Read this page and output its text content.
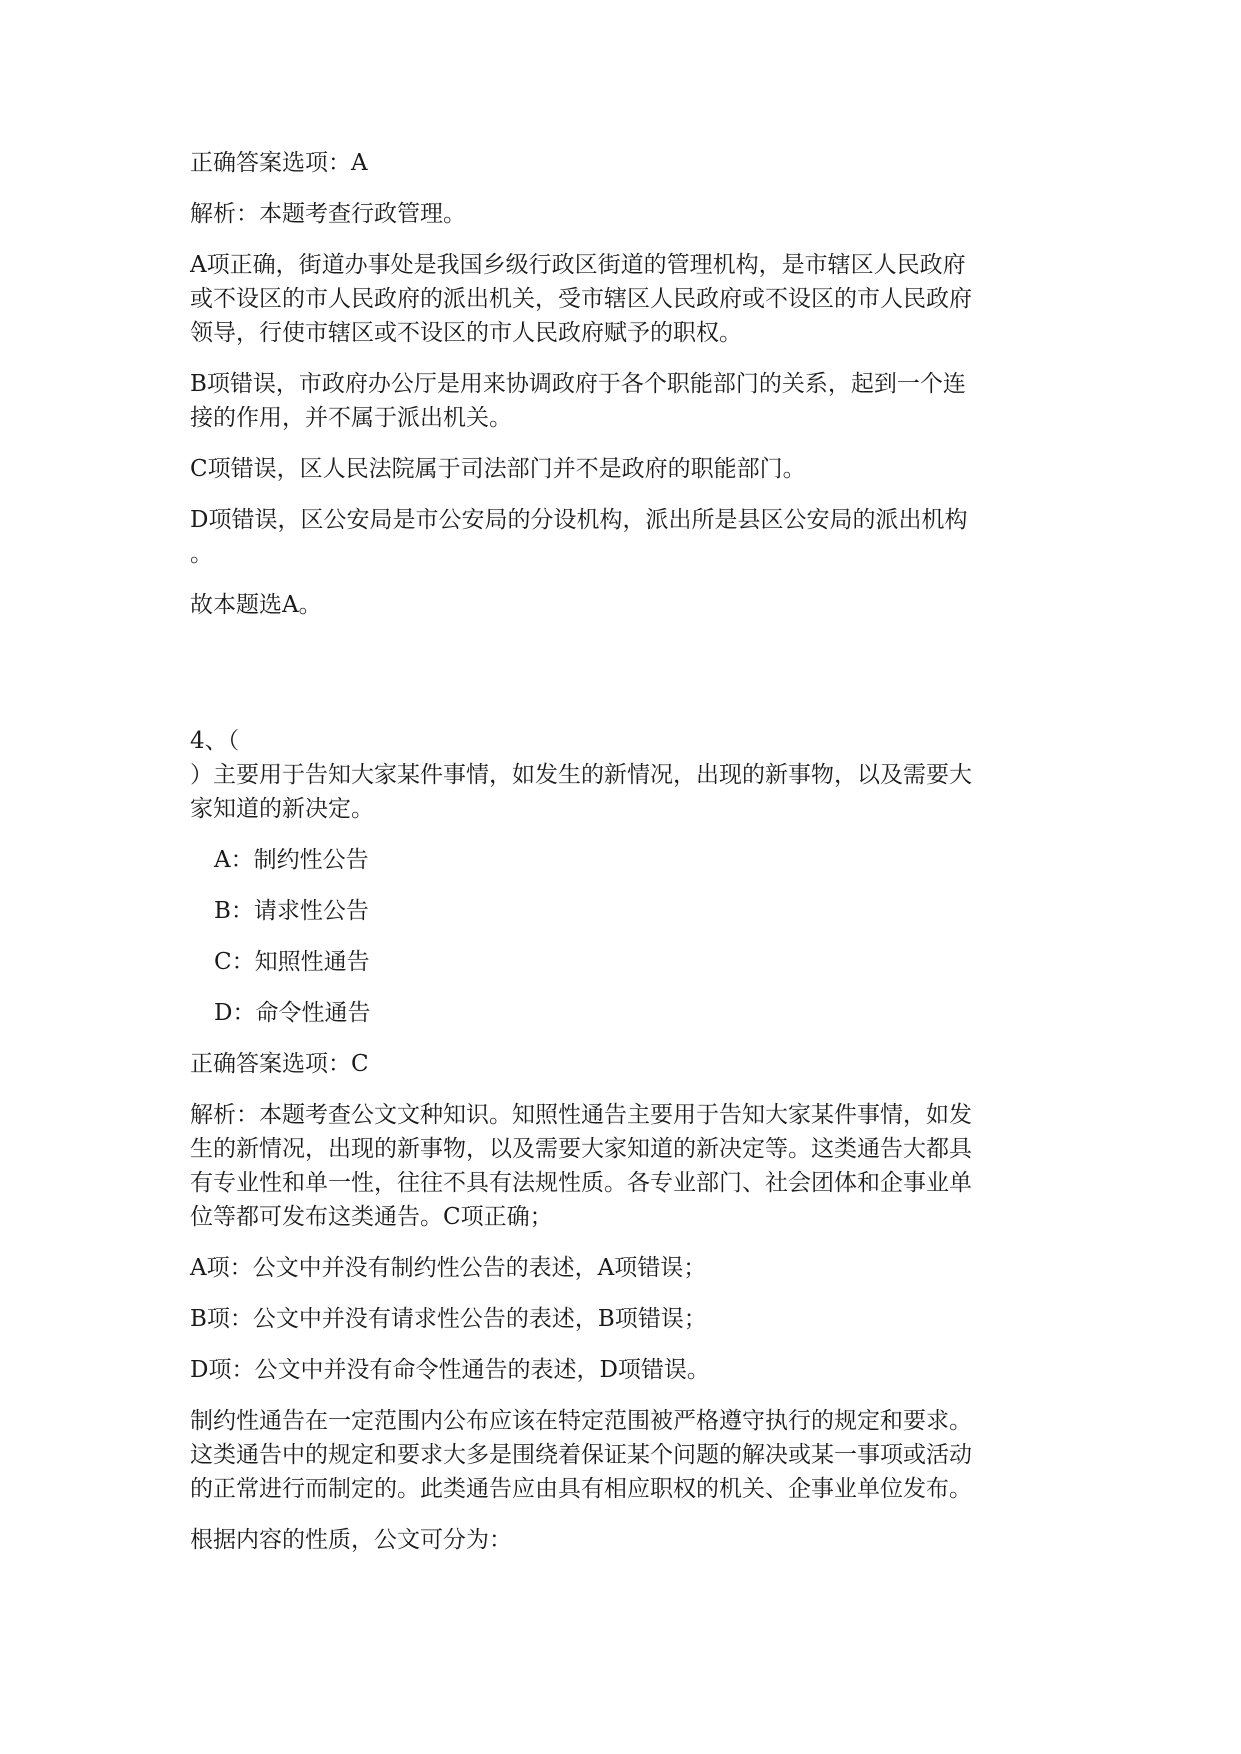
正确答案选项：A

解析：本题考查行政管理。

A项正确，街道办事处是我国乡级行政区街道的管理机构，是市辖区人民政府
或不设区的市人民政府的派出机关，受市辖区人民政府或不设区的市人民政府
领导，行使市辖区或不设区的市人民政府赋予的职权。

B项错误，市政府办公厅是用来协调政府于各个职能部门的关系，起到一个连
接的作用，并不属于派出机关。

C项错误，区人民法院属于司法部门并不是政府的职能部门。

D项错误，区公安局是市公安局的分设机构，派出所是县区公安局的派出机构
。

故本题选A。

4、（

）主要用于告知大家某件事情，如发生的新情况，出现的新事物，以及需要大
家知道的新决定。

A：制约性公告

B：请求性公告

C：知照性通告

D：命令性通告

正确答案选项：C

解析：本题考查公文文种知识。知照性通告主要用于告知大家某件事情，如发
生的新情况，出现的新事物，以及需要大家知道的新决定等。这类通告大都具
有专业性和单一性，往往不具有法规性质。各专业部门、社会团体和企事业单
位等都可发布这类通告。C项正确；

A项：公文中并没有制约性公告的表述，A项错误；

B项：公文中并没有请求性公告的表述，B项错误；

D项：公文中并没有命令性通告的表述，D项错误。

制约性通告在一定范围内公布应该在特定范围被严格遵守执行的规定和要求。
这类通告中的规定和要求大多是围绕着保证某个问题的解决或某一事项或活动
的正常进行而制定的。此类通告应由具有相应职权的机关、企事业单位发布。

根据内容的性质，公文可分为：
